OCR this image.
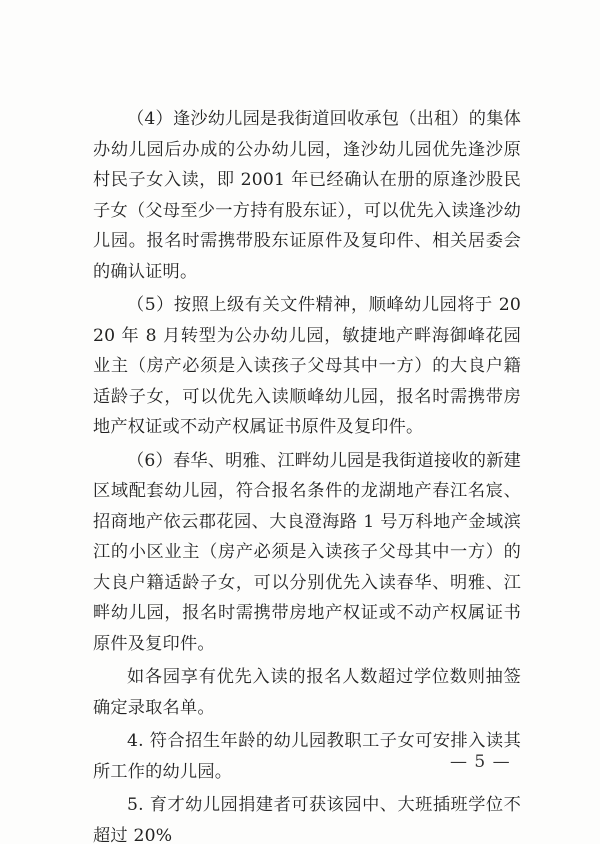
（4）逢沙幼儿园是我街道回收承包（出租）的集体办幼儿园后办成的公办幼儿园，逢沙幼儿园优先逢沙原村民子女入读，即 2001 年已经确认在册的原逢沙股民子女（父母至少一方持有股东证），可以优先入读逢沙幼儿园。报名时需携带股东证原件及复印件、相关居委会的确认证明。

（5）按照上级有关文件精神，顺峰幼儿园将于 2020 年 8 月转型为公办幼儿园，敏捷地产畔海御峰花园业主（房产必须是入读孩子父母其中一方）的大良户籍适龄子女，可以优先入读顺峰幼儿园，报名时需携带房地产权证或不动产权属证书原件及复印件。

（6）春华、明雅、江畔幼儿园是我街道接收的新建区域配套幼儿园，符合报名条件的龙湖地产春江名宸、招商地产依云郡花园、大良澄海路 1 号万科地产金域滨江的小区业主（房产必须是入读孩子父母其中一方）的大良户籍适龄子女，可以分别优先入读春华、明雅、江畔幼儿园，报名时需携带房地产权证或不动产权属证书原件及复印件。

如各园享有优先入读的报名人数超过学位数则抽签确定录取名单。

4. 符合招生年龄的幼儿园教职工子女可安排入读其所工作的幼儿园。

5. 育才幼儿园捐建者可获该园中、大班插班学位不超过 20%

— 5 —
